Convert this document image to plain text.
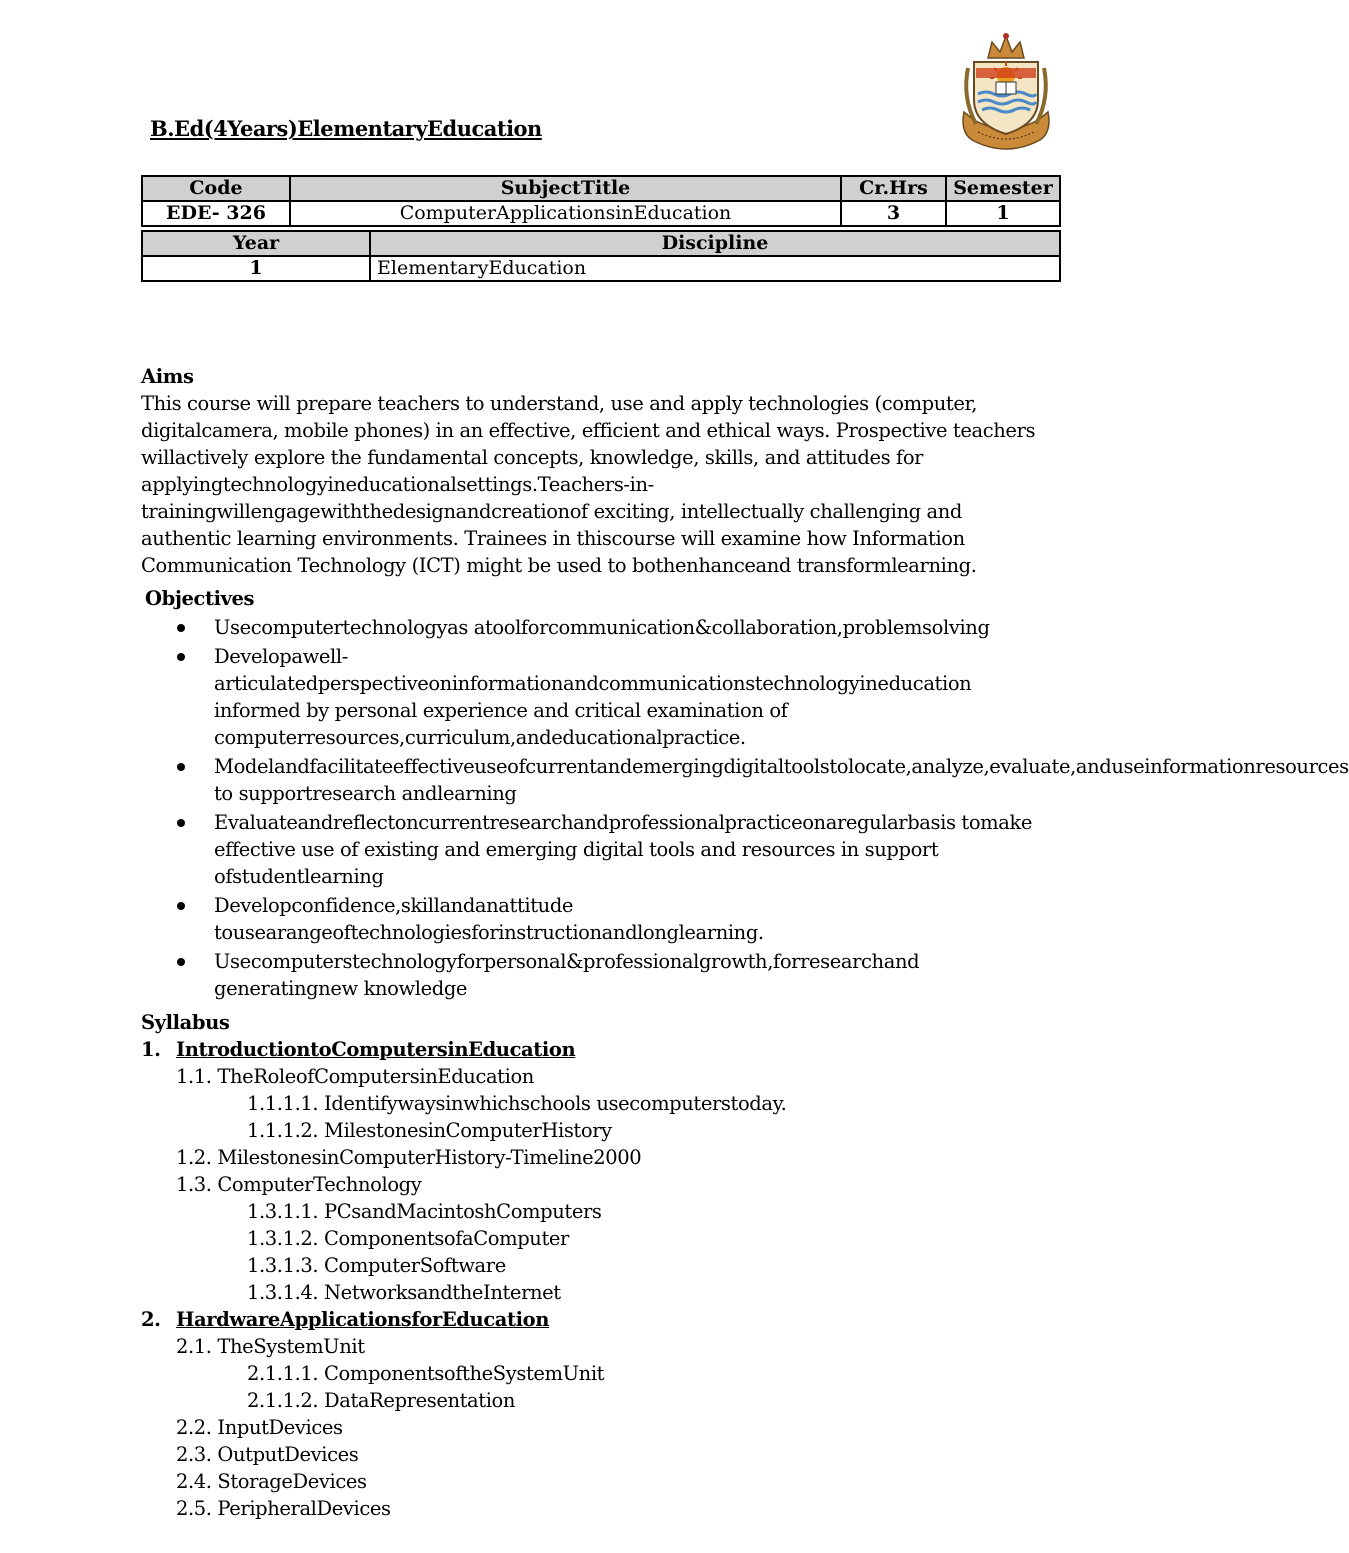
B.Ed(4Years)ElementaryEducation
Code	SubjectTitle	Cr.Hrs	Semester
EDE- 326	ComputerApplicationsinEducation	3	1
Year	Discipline
1	ElementaryEducation
Aims

This course will prepare teachers to understand, use and apply technologies (computer, digitalcamera, mobile phones) in an effective, efficient and ethical ways. Prospective teachers willactively explore the fundamental concepts, knowledge, skills, and attitudes for applyingtechnologyineducationalsettings.Teachers-in-trainingwillengagewiththedesignandcreationof exciting, intellectually challenging and authentic learning environments. Trainees in thiscourse will examine how Information Communication Technology (ICT) might be used to bothenhanceand transformlearning.

Objectives
Usecomputertechnologyas atoolforcommunication&collaboration,problemsolving
Developawell-articulatedperspectiveoninformationandcommunicationstechnologyineducation informed by personal experience and critical examination of computerresources,curriculum,andeducationalpractice.
Modelandfacilitateeffectiveuseofcurrentandemergingdigitaltoolstolocate,analyze,evaluate,anduseinformationresources to supportresearch andlearning
Evaluateandreflectoncurrentresearchandprofessionalpracticeonaregularbasis tomake effective use of existing and emerging digital tools and resources in support ofstudentlearning
Developconfidence,skillandanattitude tousearangeoftechnologiesforinstructionandlonglearning.
Usecomputerstechnologyforpersonal&professionalgrowth,forresearchand generatingnew knowledge
Syllabus
1. IntroductiontoComputersinEducation
1.1. TheRoleofComputersinEducation
1.1.1.1. Identifywaysinwhichschools usecomputerstoday.
1.1.1.2. MilestonesinComputerHistory
1.2. MilestonesinComputerHistory-Timeline2000
1.3. ComputerTechnology
1.3.1.1. PCsandMacintoshComputers
1.3.1.2. ComponentsofaComputer
1.3.1.3. ComputerSoftware
1.3.1.4. NetworksandtheInternet
2. HardwareApplicationsforEducation
2.1. TheSystemUnit
2.1.1.1. ComponentsoftheSystemUnit
2.1.1.2. DataRepresentation
2.2. InputDevices
2.3. OutputDevices
2.4. StorageDevices
2.5. PeripheralDevices
